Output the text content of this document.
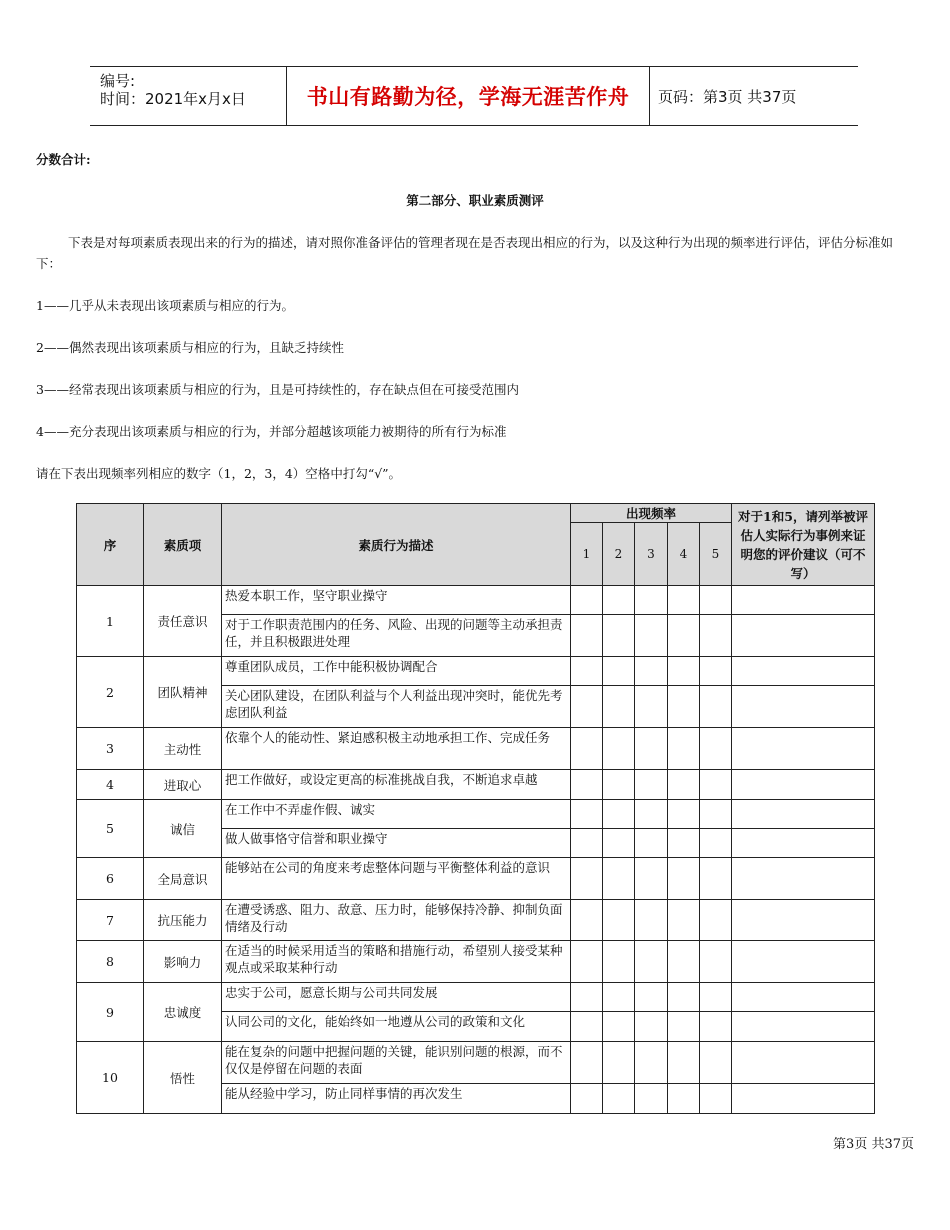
编号:
时间：2021年x月x日	书山有路勤为径，学海无涯苦作舟 页码：第3页 共37页
分数合计:
第二部分、职业素质测评
下表是对每项素质表现出来的行为的描述，请对照你准备评估的管理者现在是否表现出相应的行为，以及这种行为出现的频率进行评估，评估分标准如下：
1——几乎从未表现出该项素质与相应的行为。
2——偶然表现出该项素质与相应的行为，且缺乏持续性
3——经常表现出该项素质与相应的行为，且是可持续性的，存在缺点但在可接受范围内
4——充分表现出该项素质与相应的行为，并部分超越该项能力被期待的所有行为标准
请在下表出现频率列相应的数字（1，2，3，4）空格中打勾“√”。
序	素质项	素质行为描述	出现频率					对于1和5，请列举被评估人实际行为事例来证明您的评价建议（可不写）
			1	2	3	4	5	
1	责任意识	热爱本职工作，坚守职业操守						
		对于工作职责范围内的任务、风险、出现的问题等主动承担责任，并且积极跟进处理						
2	团队精神	尊重团队成员，工作中能积极协调配合						
		关心团队建设，在团队利益与个人利益出现冲突时，能优先考虑团队利益						
3	主动性	依靠个人的能动性、紧迫感积极主动地承担工作、完成任务						
4	进取心	把工作做好，或设定更高的标准挑战自我，不断追求卓越						
5	诚信	在工作中不弄虚作假、诚实						
		做人做事恪守信誉和职业操守						
6	全局意识	能够站在公司的角度来考虑整体问题与平衡整体利益的意识						
7	抗压能力	在遭受诱惑、阻力、敌意、压力时，能够保持冷静、抑制负面情绪及行动						
8	影响力	在适当的时候采用适当的策略和措施行动，希望别人接受某种观点或采取某种行动						
9	忠诚度	忠实于公司，愿意长期与公司共同发展						
		认同公司的文化，能始终如一地遵从公司的政策和文化						
10	悟性	能在复杂的问题中把握问题的关键，能识别问题的根源，而不仅仅是停留在问题的表面						
		能从经验中学习，防止同样事情的再次发生						
第3页 共37页
